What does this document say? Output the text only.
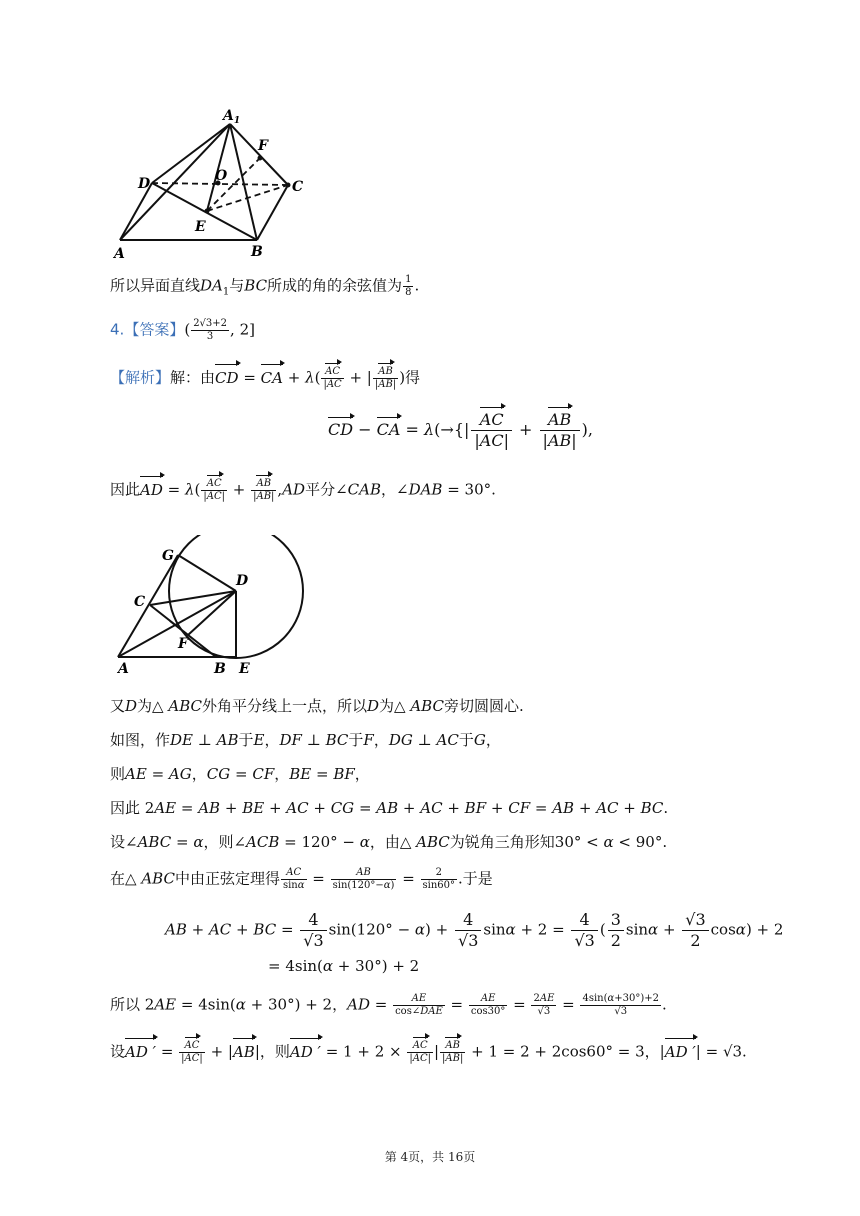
$A_1$
F
D	O
C
E
A	B
所以异面直线$DA_1$与BC所成的角的余弦值为 $\frac{1}{8}$ .
4.【答案】( $\frac{2√3+2}{3}$ , 2]
【解析】解：由CD = CA + $\lambda( \frac{AC}{|AC}$ + | $\frac{AB}{|AB|}$ )得
CD − CA = $\lambda(\to\{| \frac{AC}{|AC|} + \frac{AB}{|AB|}$ ),
因此AD = $\lambda( \frac{AC}{|AC|} + \frac{AB}{|AB|} ,AD$平分∠CAB，∠DAB = 30°.
G
D
C
F
A	B E
又D为△ ABC外角平分线上一点，所以D为△ ABC旁切圆圆心.
如图，作DE ⊥ AB于E，DF ⊥ BC于F，DG ⊥ AC于G，
则AE = AG，CG = CF，BE = BF，
因此 2AE = AB + BE + AC + CG = AB + AC + BF + CF = AB + AC + BC.
设∠ABC = α，则∠ACB = 120° − α，由△ ABC为锐角三角形知30° < α < 90°.
在△ ABC中由正弦定理得 $\frac{AC}{\sin\alpha} = \frac{AB}{\sin(120^\circ-\alpha)} = \frac{2}{\sin 60^\circ}$ .于是
AB + AC + BC = $\frac{4}{√3} \sin(120^\circ - \alpha) + \frac{4}{√3}$ $\sin\alpha + 2 = \frac{4}{√3}$ ( $\frac{3}{2}$ $\sin\alpha + \frac{√3}{2} \cos\alpha) + 2$
= 4sin(α + 30°) + 2
所以 2AE = 4sin(α + 30°) + 2，AD = $\frac{AE}{\text{cos∠DAE}} = \frac{AE}{\cos 30^\circ} = \frac{2AE}{√3} = \frac{4\sin(\alpha+30^\circ)+2}{√3}$ .
设AD ′ = $\frac{AC}{|AC|} + |AB|$，则AD ′ = $1 + 2 \times \frac{AC}{|AC|}$ | $\frac{AB}{|AB|} + 1 = 2 + 2\cos 60^\circ = 3$，|AD ′| = √3.
第 4页，共 16页
